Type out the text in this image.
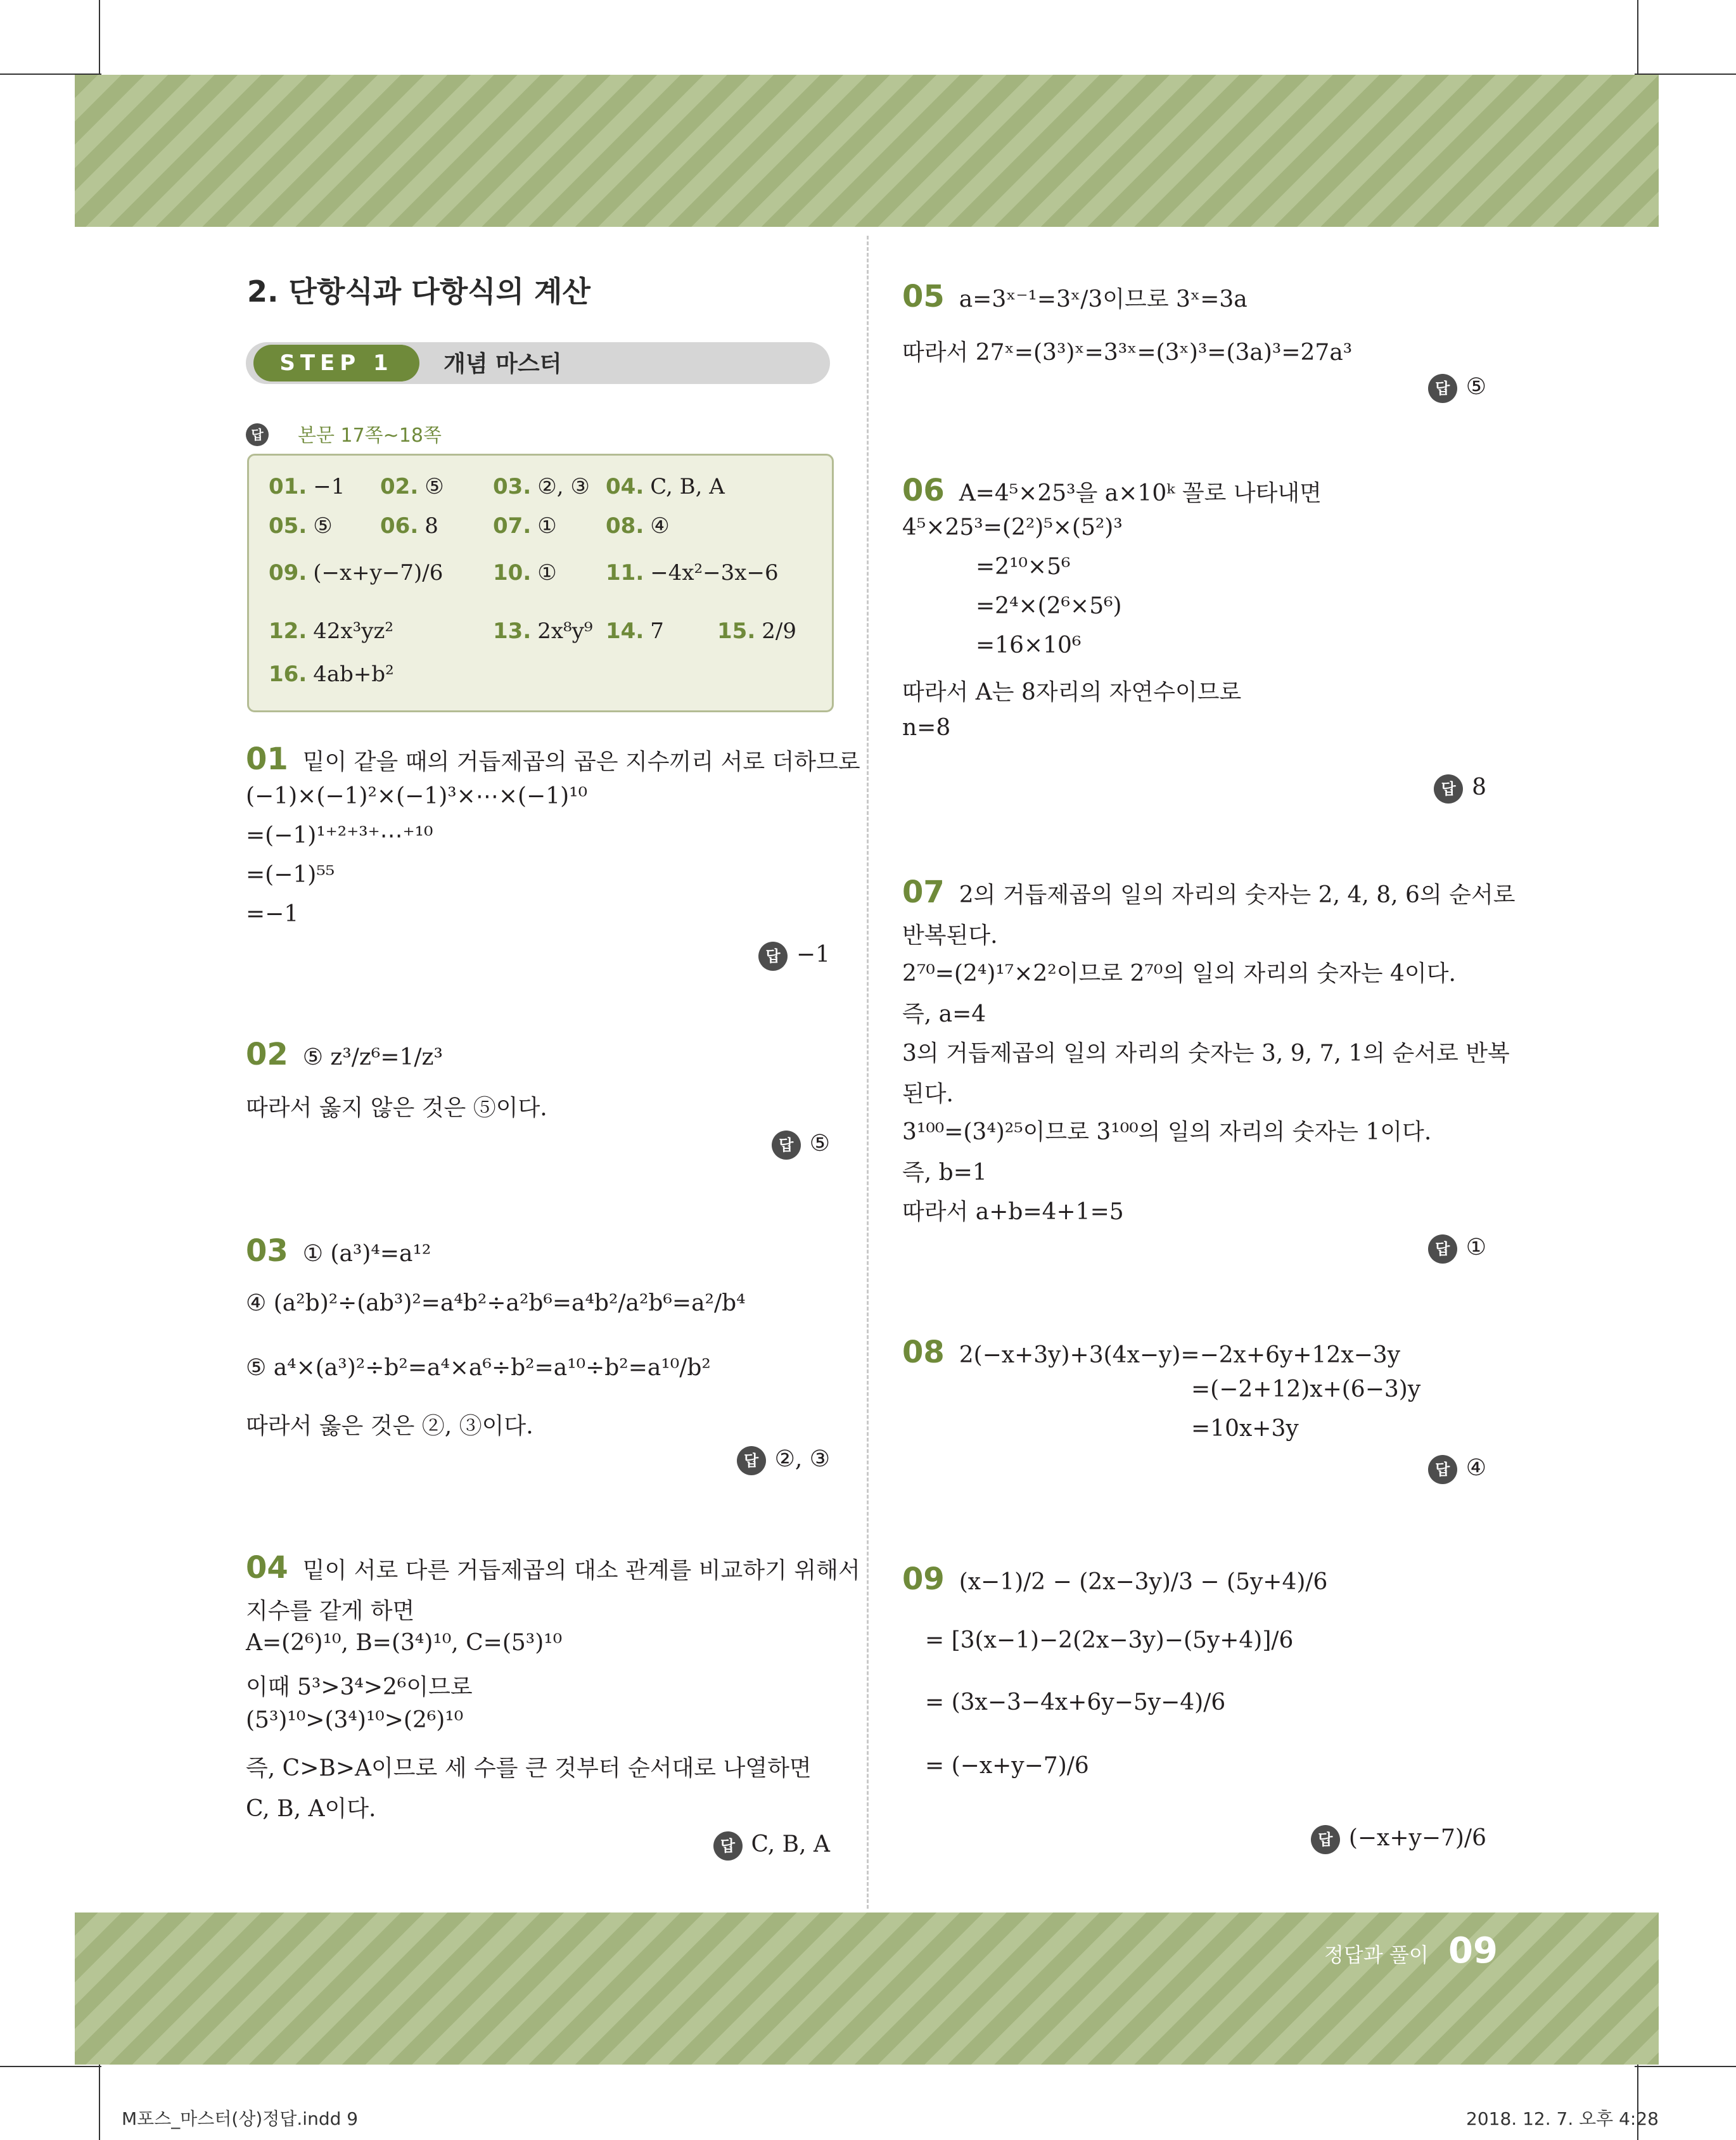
2. 단항식과 다항식의 계산
STEP 1	개념 마스터
답 본문 17쪽~18쪽
01. −1 02. ⑤ 03. ②, ③ 04. C, B, A
05. ⑤ 06. 8	07. ① 08. ④
09. (−x+y−7)/6 10. ① 11. −4x²−3x−6
12. 42x³yz²	13. 2x⁸y⁹ 14. 7 15. 2/9
16. 4ab+b²
01 밑이 같을 때의 거듭제곱의 곱은 지수끼리 서로 더하므로
(−1)×(−1)²×(−1)³×⋯×(−1)¹⁰
=(−1)¹⁺²⁺³⁺⋯⁺¹⁰
=(−1)⁵⁵
=−1
답 −1
02 ⑤ z³/z⁶=1/z³
따라서 옳지 않은 것은 ⑤이다.
답 ⑤
03 ① (a³)⁴=a¹²
④ (a²b)²÷(ab³)²=a⁴b²÷a²b⁶=a⁴b²/a²b⁶=a²/b⁴
⑤ a⁴×(a³)²÷b²=a⁴×a⁶÷b²=a¹⁰÷b²=a¹⁰/b²
따라서 옳은 것은 ②, ③이다.
답 ②, ③
04 밑이 서로 다른 거듭제곱의 대소 관계를 비교하기 위해서
지수를 같게 하면
A=(2⁶)¹⁰, B=(3⁴)¹⁰, C=(5³)¹⁰
이때 5³>3⁴>2⁶이므로
(5³)¹⁰>(3⁴)¹⁰>(2⁶)¹⁰
즉, C>B>A이므로 세 수를 큰 것부터 순서대로 나열하면
C, B, A이다.
답 C, B, A
05 a=3ˣ⁻¹=3ˣ/3이므로 3ˣ=3a
따라서 27ˣ=(3³)ˣ=3³ˣ=(3ˣ)³=(3a)³=27a³
답 ⑤
06 A=4⁵×25³을 a×10ᵏ 꼴로 나타내면
4⁵×25³=(2²)⁵×(5²)³
=2¹⁰×5⁶
=2⁴×(2⁶×5⁶)
=16×10⁶
따라서 A는 8자리의 자연수이므로
n=8
답 8
07 2의 거듭제곱의 일의 자리의 숫자는 2, 4, 8, 6의 순서로
반복된다.
2⁷⁰=(2⁴)¹⁷×2²이므로 2⁷⁰의 일의 자리의 숫자는 4이다.
즉, a=4
3의 거듭제곱의 일의 자리의 숫자는 3, 9, 7, 1의 순서로 반복
된다.
3¹⁰⁰=(3⁴)²⁵이므로 3¹⁰⁰의 일의 자리의 숫자는 1이다.
즉, b=1
따라서 a+b=4+1=5
답 ①
08 2(−x+3y)+3(4x−y)=−2x+6y+12x−3y
=(−2+12)x+(6−3)y
=10x+3y
답 ④
09 (x−1)/2 − (2x−3y)/3 − (5y+4)/6
= [3(x−1)−2(2x−3y)−(5y+4)]/6
= (3x−3−4x+6y−5y−4)/6
= (−x+y−7)/6
답 (−x+y−7)/6
정답과 풀이 09
M포스_마스터(상)정답.indd 9	2018. 12. 7. 오후 4:28
